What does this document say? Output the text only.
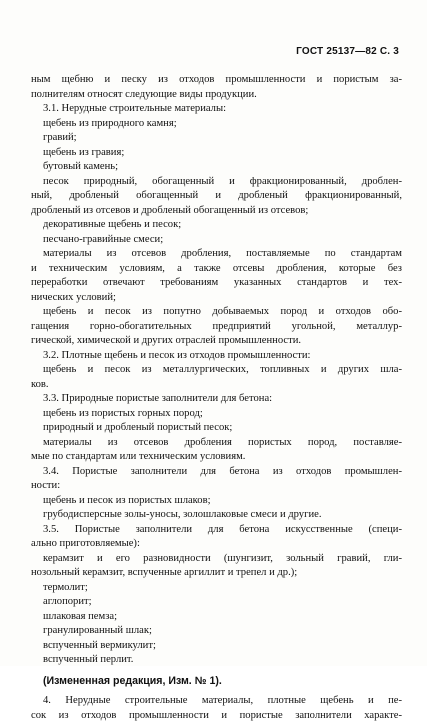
ГОСТ 25137—82 С. 3
ным щебню и песку из отходов промышленности и пористым за-
полнителям относят следующие виды продукции.
3.1. Нерудные строительные материалы:
щебень из природного камня;
гравий;
щебень из гравия;
бутовый камень;
песок природный, обогащенный и фракционированный, дроблен-
ный, дробленый обогащенный и дробленый фракционированный,
дробленый из отсевов и дробленый обогащенный из отсевов;
декоративные щебень и песок;
песчано-гравийные смеси;
материалы из отсевов дробления, поставляемые по стандартам
и техническим условиям, а также отсевы дробления, которые без
переработки отвечают требованиям указанных стандартов и тех-
нических условий;
щебень и песок из попутно добываемых пород и отходов обо-
гащения горно-обогатительных предприятий угольной, металлур-
гической, химической и других отраслей промышленности.
3.2. Плотные щебень и песок из отходов промышленности:
щебень и песок из металлургических, топливных и других шла-
ков.
3.3. Природные пористые заполнители для бетона:
щебень из пористых горных пород;
природный и дробленый пористый песок;
материалы из отсевов дробления пористых пород, поставляе-
мые по стандартам или техническим условиям.
3.4. Пористые заполнители для бетона из отходов промышлен-
ности:
щебень и песок из пористых шлаков;
грубодисперсные золы-уносы, золошлаковые смеси и другие.
3.5. Пористые заполнители для бетона искусственные (специ-
ально приготовляемые):
керамзит и его разновидности (шунгизит, зольный гравий, гли-
нозольный керамзит, вспученные аргиллит и трепел и др.);
термолит;
аглопорит;
шлаковая пемза;
гранулированный шлак;
вспученный вермикулит;
вспученный перлит.
(Измененная редакция, Изм. № 1).
4. Нерудные строительные материалы, плотные щебень и пе-
сок из отходов промышленности и пористые заполнители характе-
